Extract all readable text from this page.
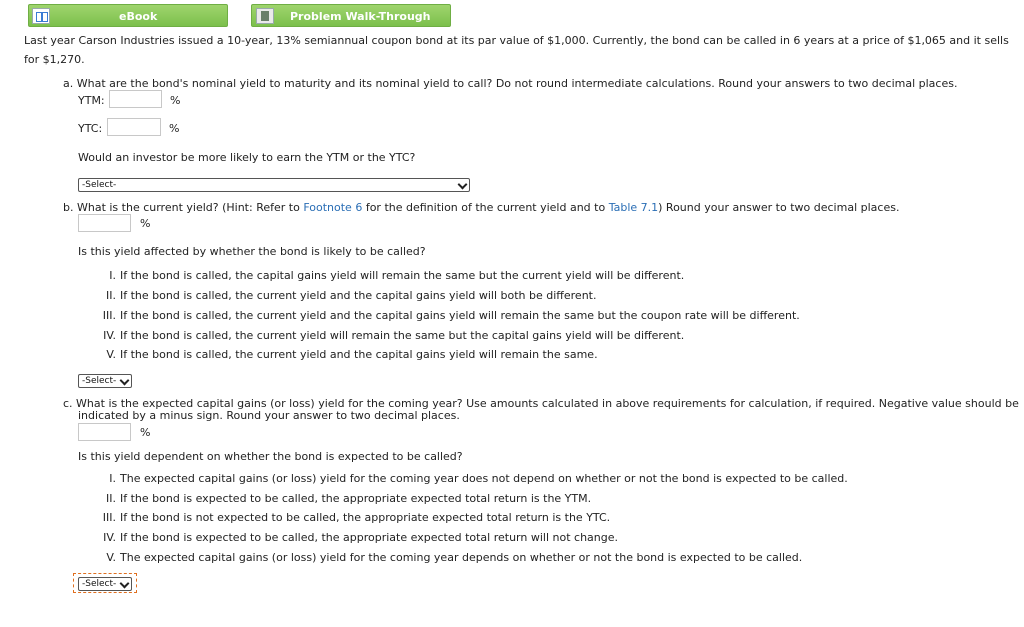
eBook	Problem Walk-Through
Last year Carson Industries issued a 10-year, 13% semiannual coupon bond at its par value of $1,000. Currently, the bond can be called in 6 years at a price of $1,065 and it sells
for $1,270.
a. What are the bond's nominal yield to maturity and its nominal yield to call? Do not round intermediate calculations. Round your answers to two decimal places.
YTM:	%
YTC:	%
Would an investor be more likely to earn the YTM or the YTC?
-Select-
b. What is the current yield? (Hint: Refer to Footnote 6 for the definition of the current yield and to Table 7.1) Round your answer to two decimal places.
%
Is this yield affected by whether the bond is likely to be called?
I. If the bond is called, the capital gains yield will remain the same but the current yield will be different.
II. If the bond is called, the current yield and the capital gains yield will both be different.
III. If the bond is called, the current yield and the capital gains yield will remain the same but the coupon rate will be different.
IV. If the bond is called, the current yield will remain the same but the capital gains yield will be different.
V. If the bond is called, the current yield and the capital gains yield will remain the same.
-Select-
c. What is the expected capital gains (or loss) yield for the coming year? Use amounts calculated in above requirements for calculation, if required. Negative value should be
indicated by a minus sign. Round your answer to two decimal places.
%
Is this yield dependent on whether the bond is expected to be called?
I. The expected capital gains (or loss) yield for the coming year does not depend on whether or not the bond is expected to be called.
II. If the bond is expected to be called, the appropriate expected total return is the YTM.
III. If the bond is not expected to be called, the appropriate expected total return is the YTC.
IV. If the bond is expected to be called, the appropriate expected total return will not change.
V. The expected capital gains (or loss) yield for the coming year depends on whether or not the bond is expected to be called.
-Select-
